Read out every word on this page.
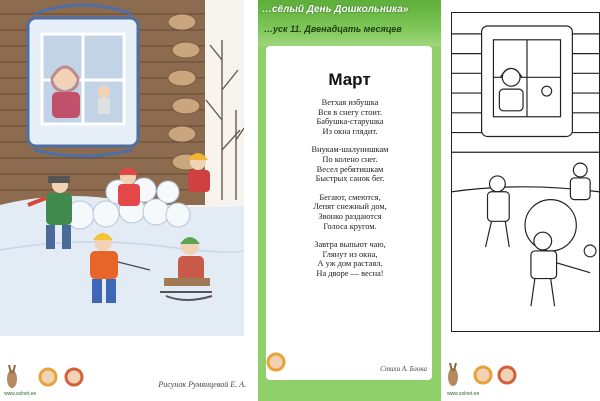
www.solnet.ee
Рисунок Румянцевой Е. А.
…сёлый День Дошкольника»
…уск 11. Двенадцать месяцев
Март
Ветхая избушка
Вся в снегу стоит.
Бабушка-старушка
Из окна глядит.
Внукам-шалунишкам
По колено снег.
Весел ребятишкам
Быстрых санок бег.
Бегают, смеются,
Лепят снежный дом,
Звонко раздаются
Голоса кругом.
Завтра выпьют чаю,
Глянут из окна,
А уж дом растаял.
На дворе — весна!
Стихи А. Блока
www.solnet.ee
